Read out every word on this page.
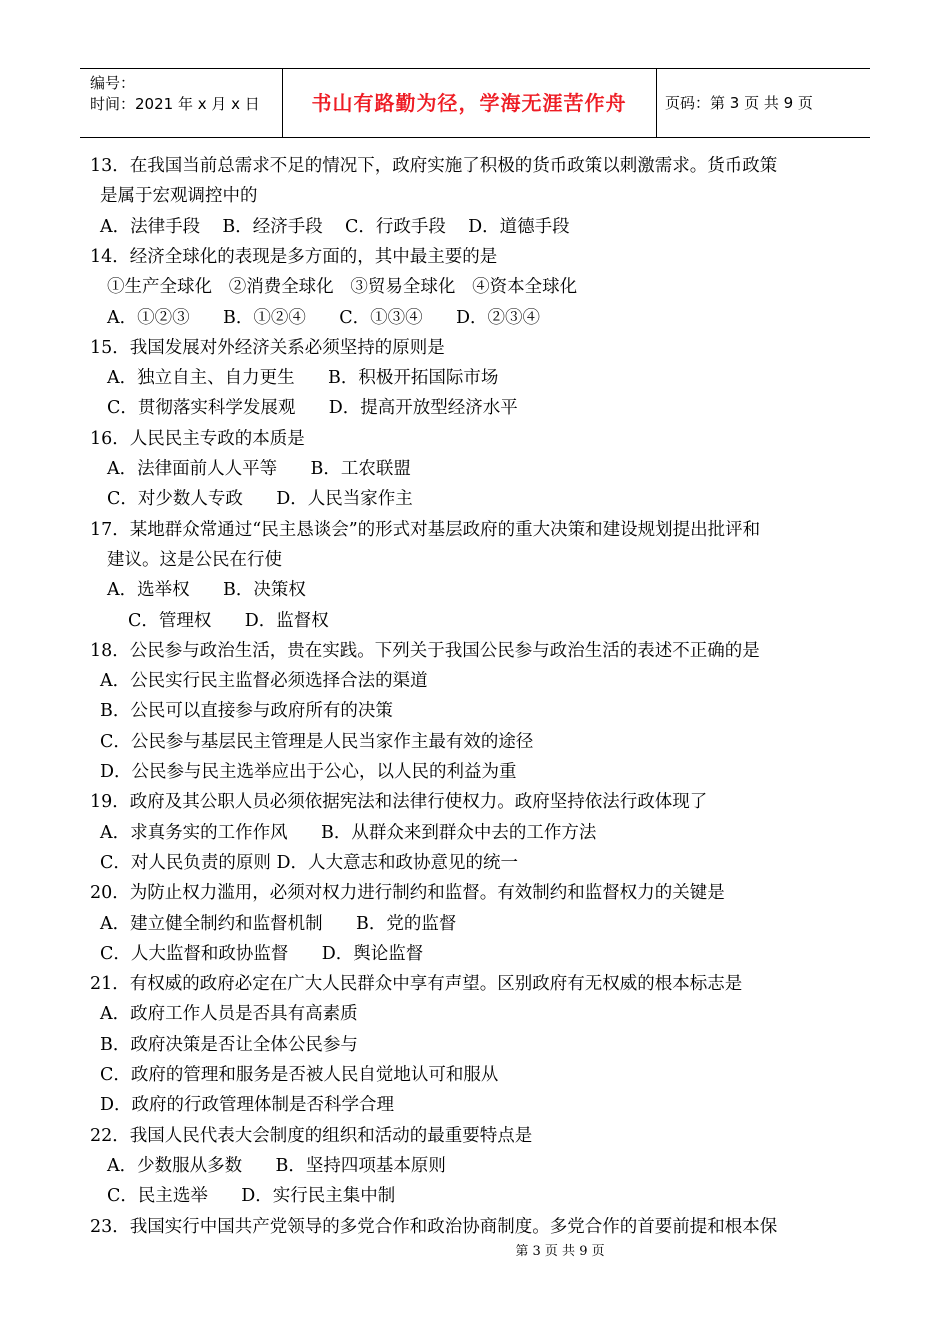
编号：
时间：2021 年 x 月 x 日	书山有路勤为径，学海无涯苦作舟	页码：第 3 页 共 9 页
13．在我国当前总需求不足的情况下，政府实施了积极的货币政策以刺激需求。货币政策
是属于宏观调控中的
A．法律手段    B．经济手段    C．行政手段    D．道德手段
14．经济全球化的表现是多方面的，其中最主要的是
①生产全球化   ②消费全球化   ③贸易全球化   ④资本全球化
A．①②③      B．①②④      C．①③④      D．②③④
15．我国发展对外经济关系必须坚持的原则是
A．独立自主、自力更生      B．积极开拓国际市场
C．贯彻落实科学发展观      D．提高开放型经济水平
16．人民民主专政的本质是
A．法律面前人人平等      B．工农联盟
C．对少数人专政      D．人民当家作主
17．某地群众常通过“民主恳谈会”的形式对基层政府的重大决策和建设规划提出批评和
建议。这是公民在行使
A．选举权      B．决策权
C．管理权      D．监督权
18．公民参与政治生活，贵在实践。下列关于我国公民参与政治生活的表述不正确的是
A．公民实行民主监督必须选择合法的渠道
B．公民可以直接参与政府所有的决策
C．公民参与基层民主管理是人民当家作主最有效的途径
D．公民参与民主选举应出于公心，以人民的利益为重
19．政府及其公职人员必须依据宪法和法律行使权力。政府坚持依法行政体现了
A．求真务实的工作作风      B．从群众来到群众中去的工作方法
C．对人民负责的原则 D．人大意志和政协意见的统一
20．为防止权力滥用，必须对权力进行制约和监督。有效制约和监督权力的关键是
A．建立健全制约和监督机制      B．党的监督
C．人大监督和政协监督      D．舆论监督
21．有权威的政府必定在广大人民群众中享有声望。区别政府有无权威的根本标志是
A．政府工作人员是否具有高素质
B．政府决策是否让全体公民参与
C．政府的管理和服务是否被人民自觉地认可和服从
D．政府的行政管理体制是否科学合理
22．我国人民代表大会制度的组织和活动的最重要特点是
A．少数服从多数      B．坚持四项基本原则
C．民主选举      D．实行民主集中制
23．我国实行中国共产党领导的多党合作和政治协商制度。多党合作的首要前提和根本保
第 3 页 共 9 页
